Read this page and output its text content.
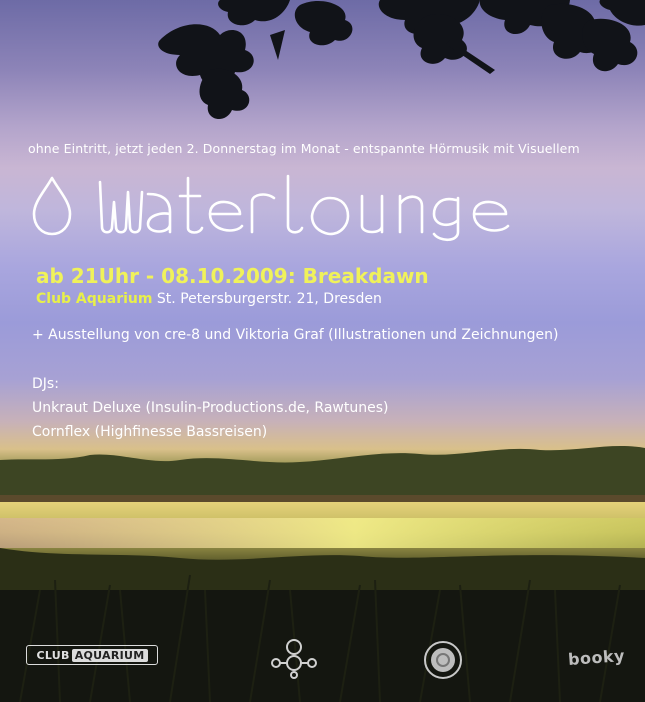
ohne Eintritt, jetzt jeden 2. Donnerstag im Monat - entspannte Hörmusik mit Visuellem
ab 21Uhr - 08.10.2009: Breakdawn
Club Aquarium St. Petersburgerstr. 21, Dresden
+ Ausstellung von cre-8 und Viktoria Graf (Illustrationen und Zeichnungen)
DJs:
Unkraut Deluxe (Insulin-Productions.de, Rawtunes)
Cornflex (Highfinesse Bassreisen)
CLUB AQUARIUM	booky
